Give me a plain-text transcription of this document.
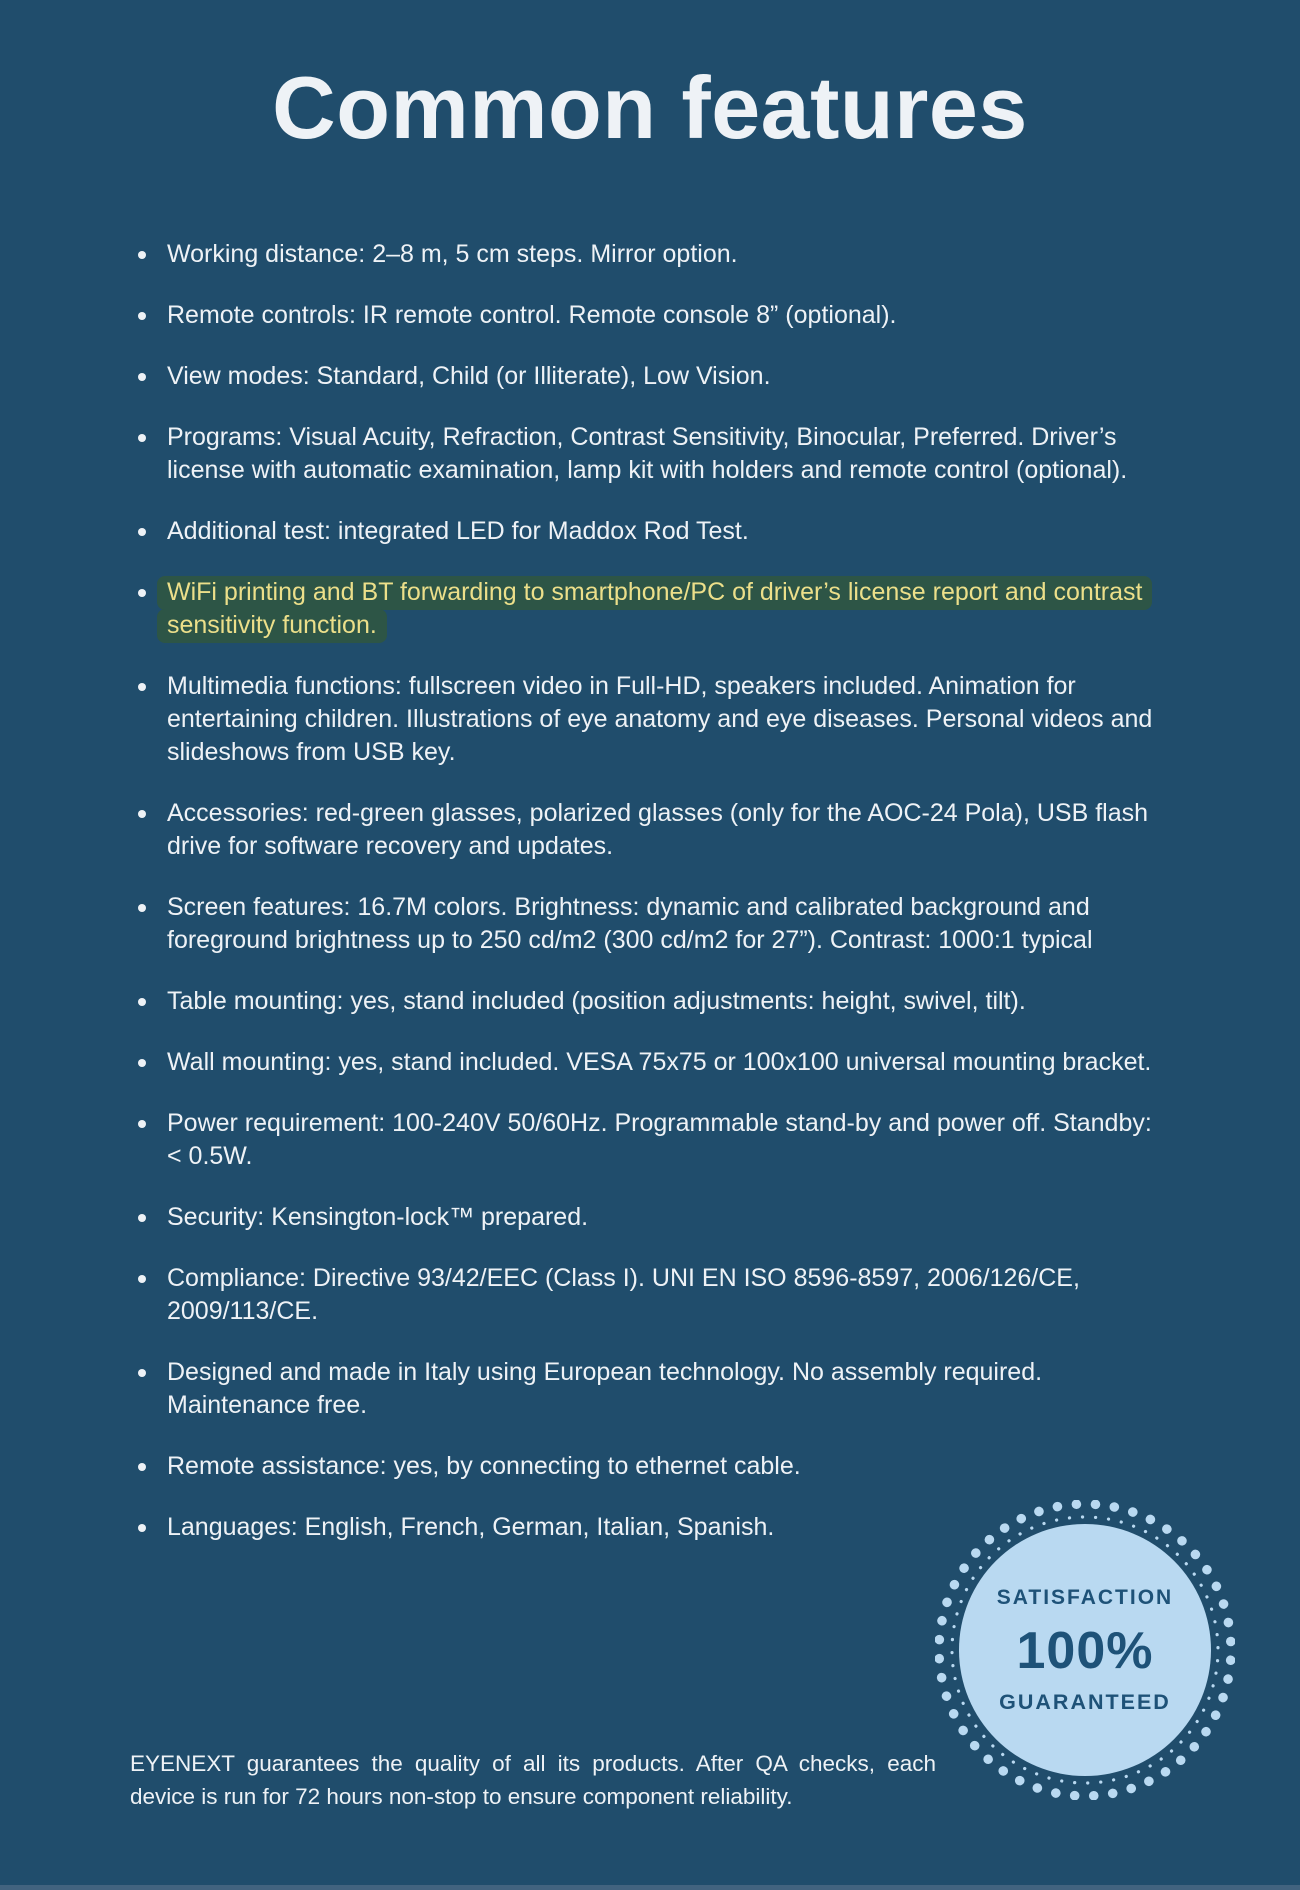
Common features
Working distance: 2–8 m, 5 cm steps. Mirror option.
Remote controls: IR remote control. Remote console 8” (optional).
View modes: Standard, Child (or Illiterate), Low Vision.
Programs: Visual Acuity, Refraction, Contrast Sensitivity, Binocular, Preferred. Driver’s license with automatic examination, lamp kit with holders and remote control (optional).
Additional test: integrated LED for Maddox Rod Test.
WiFi printing and BT forwarding to smartphone/PC of driver’s license report and contrast sensitivity function.
Multimedia functions: fullscreen video in Full-HD, speakers included. Animation for entertaining children. Illustrations of eye anatomy and eye diseases. Personal videos and slideshows from USB key.
Accessories: red-green glasses, polarized glasses (only for the AOC-24 Pola), USB flash drive for software recovery and updates.
Screen features: 16.7M colors. Brightness: dynamic and calibrated background and foreground brightness up to 250 cd/m2 (300 cd/m2 for 27”). Contrast: 1000:1 typical
Table mounting: yes, stand included (position adjustments: height, swivel, tilt).
Wall mounting: yes, stand included. VESA 75x75 or 100x100 universal mounting bracket.
Power requirement: 100-240V 50/60Hz. Programmable stand-by and power off. Standby: < 0.5W.
Security: Kensington-lock™ prepared.
Compliance: Directive 93/42/EEC (Class I). UNI EN ISO 8596-8597, 2006/126/CE, 2009/113/CE.
Designed and made in Italy using European technology. No assembly required. Maintenance free.
Remote assistance: yes, by connecting to ethernet cable.
Languages: English, French, German, Italian, Spanish.
SATISFACTION
100%
GUARANTEED

EYENEXT guarantees the quality of all its products. After QA checks, each device is run for 72 hours non-stop to ensure component reliability.
